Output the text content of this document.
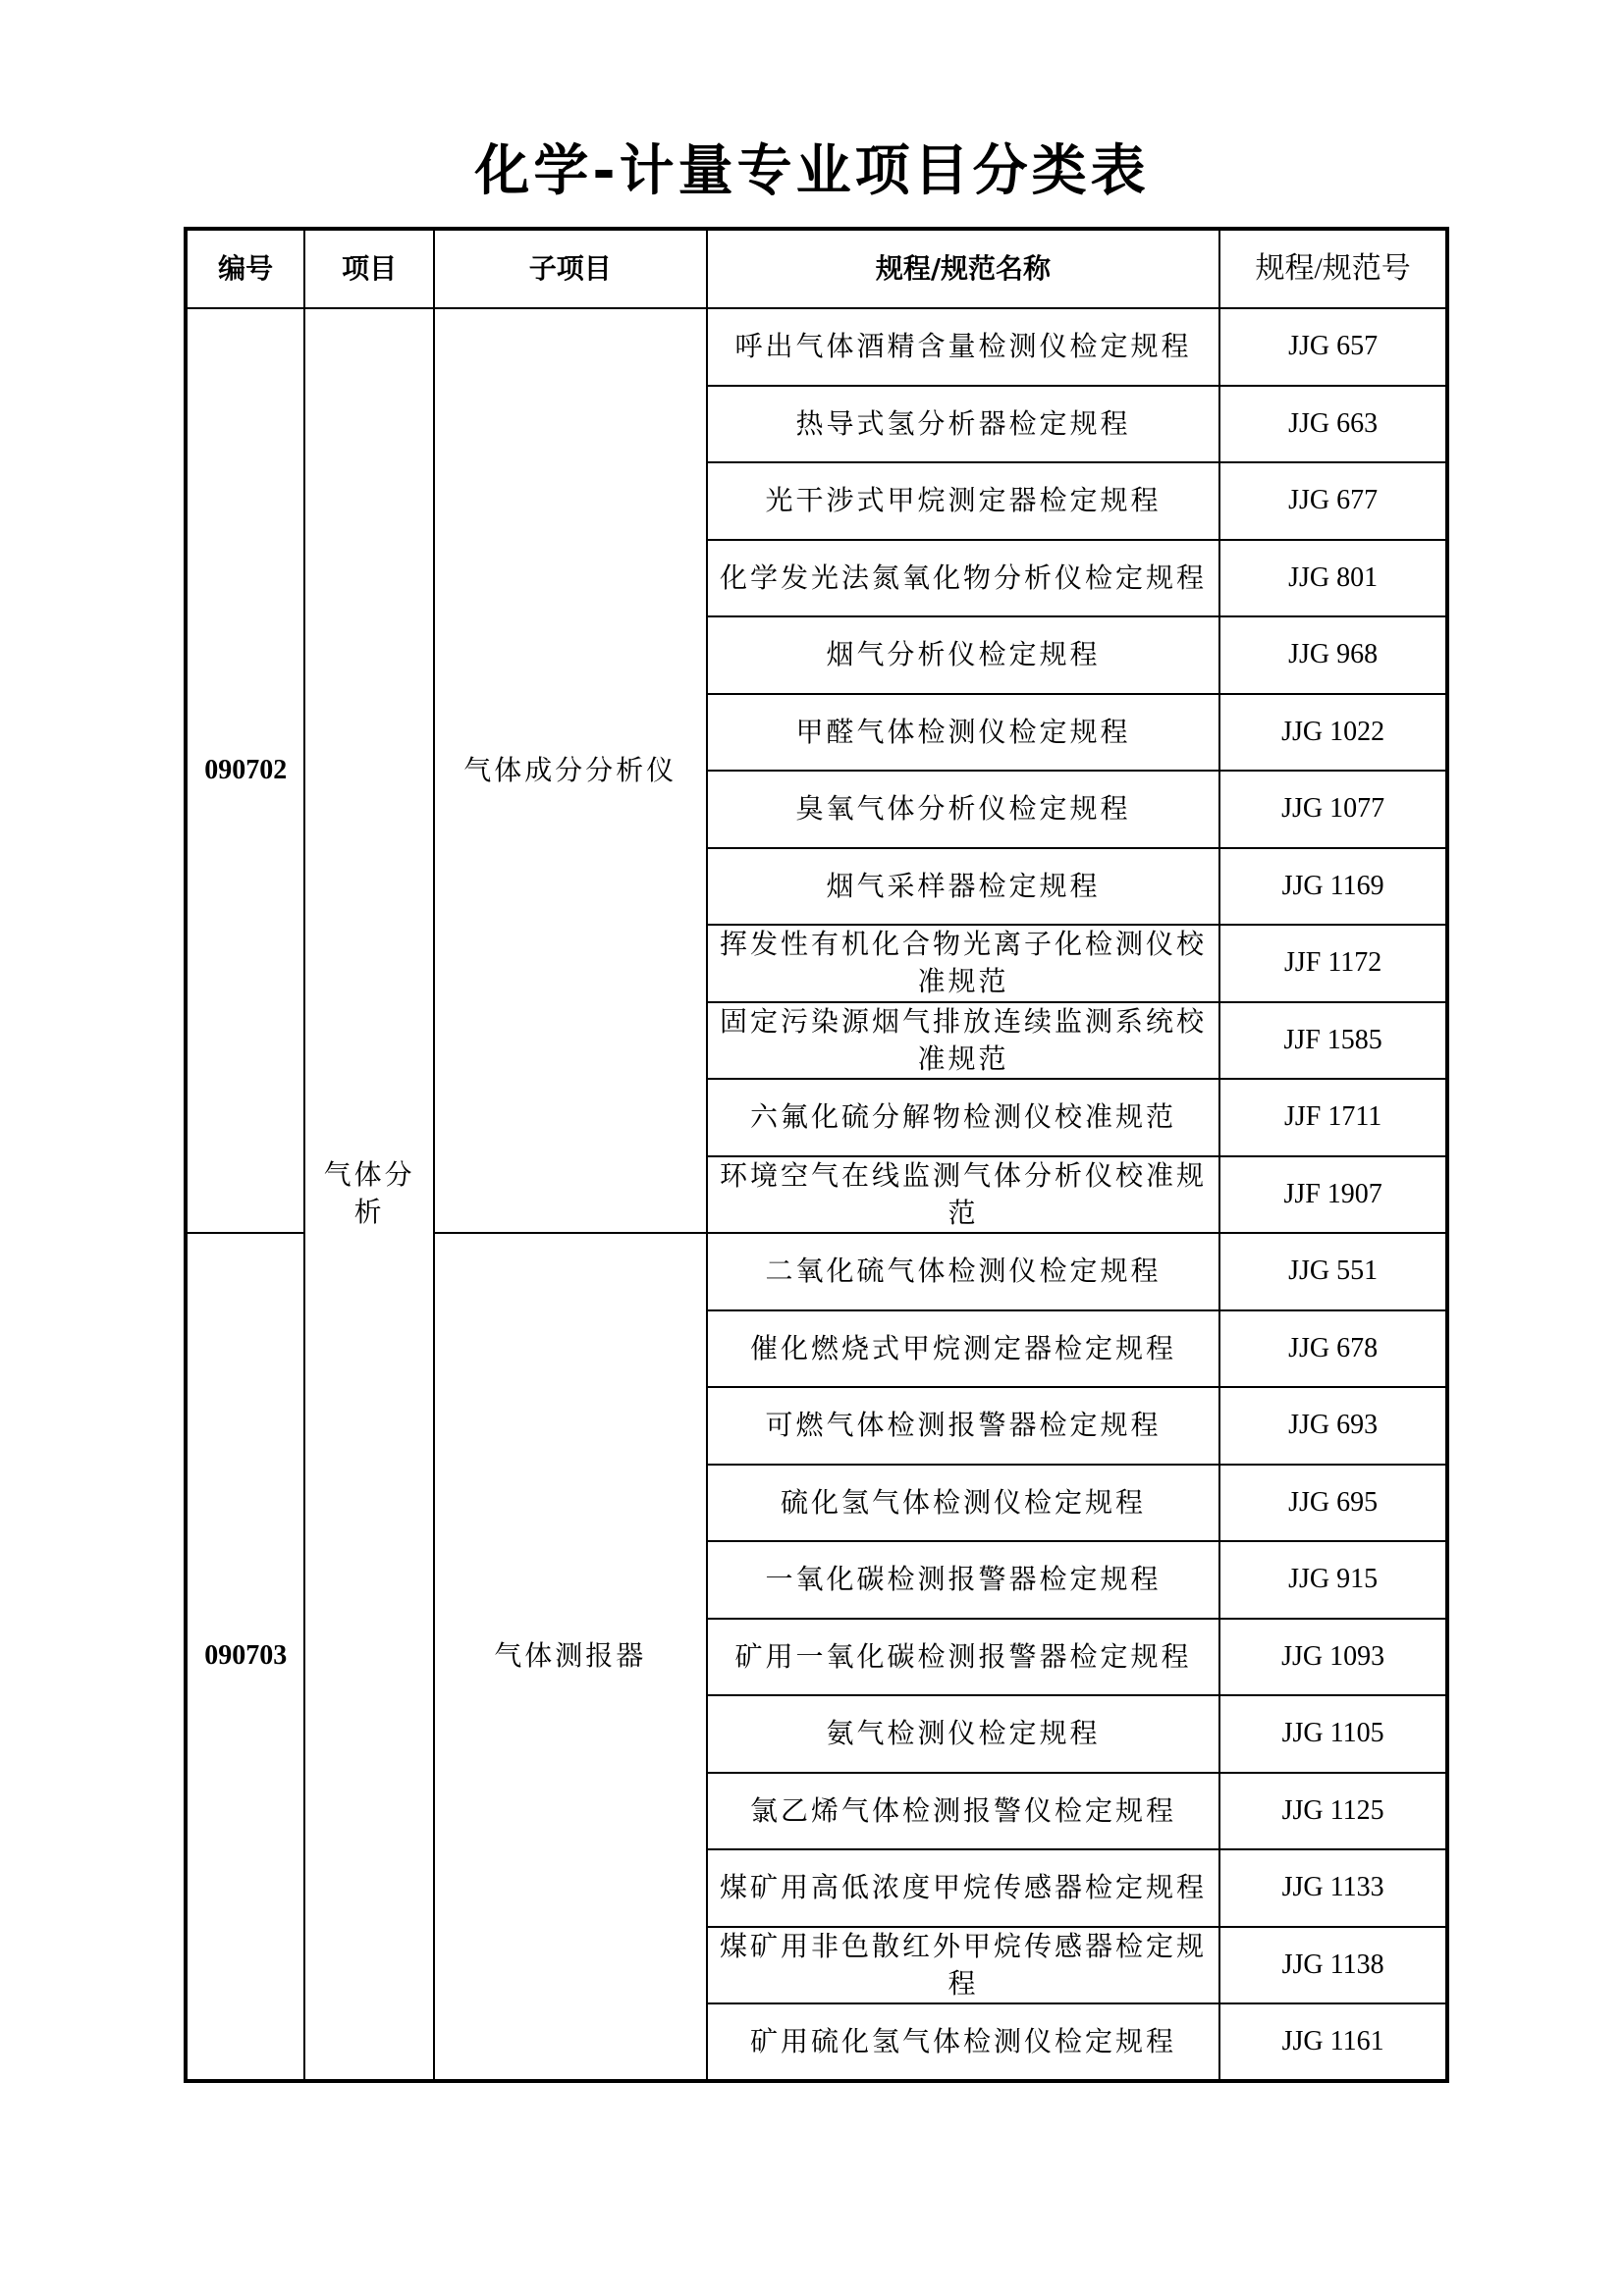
化学-计量专业项目分类表
编号	项目	子项目	规程/规范名称	规程/规范号
090702	气体分析	气体成分分析仪	呼出气体酒精含量检测仪检定规程	JJG 657
			热导式氢分析器检定规程	JJG 663
			光干涉式甲烷测定器检定规程	JJG 677
			化学发光法氮氧化物分析仪检定规程	JJG 801
			烟气分析仪检定规程	JJG 968
			甲醛气体检测仪检定规程	JJG 1022
			臭氧气体分析仪检定规程	JJG 1077
			烟气采样器检定规程	JJG 1169
			挥发性有机化合物光离子化检测仪校准规范	JJF 1172
			固定污染源烟气排放连续监测系统校准规范	JJF 1585
			六氟化硫分解物检测仪校准规范	JJF 1711
			环境空气在线监测气体分析仪校准规范	JJF 1907
090703		气体测报器	二氧化硫气体检测仪检定规程	JJG 551
			催化燃烧式甲烷测定器检定规程	JJG 678
			可燃气体检测报警器检定规程	JJG 693
			硫化氢气体检测仪检定规程	JJG 695
			一氧化碳检测报警器检定规程	JJG 915
			矿用一氧化碳检测报警器检定规程	JJG 1093
			氨气检测仪检定规程	JJG 1105
			氯乙烯气体检测报警仪检定规程	JJG 1125
			煤矿用高低浓度甲烷传感器检定规程	JJG 1133
			煤矿用非色散红外甲烷传感器检定规程	JJG 1138
			矿用硫化氢气体检测仪检定规程	JJG 1161
